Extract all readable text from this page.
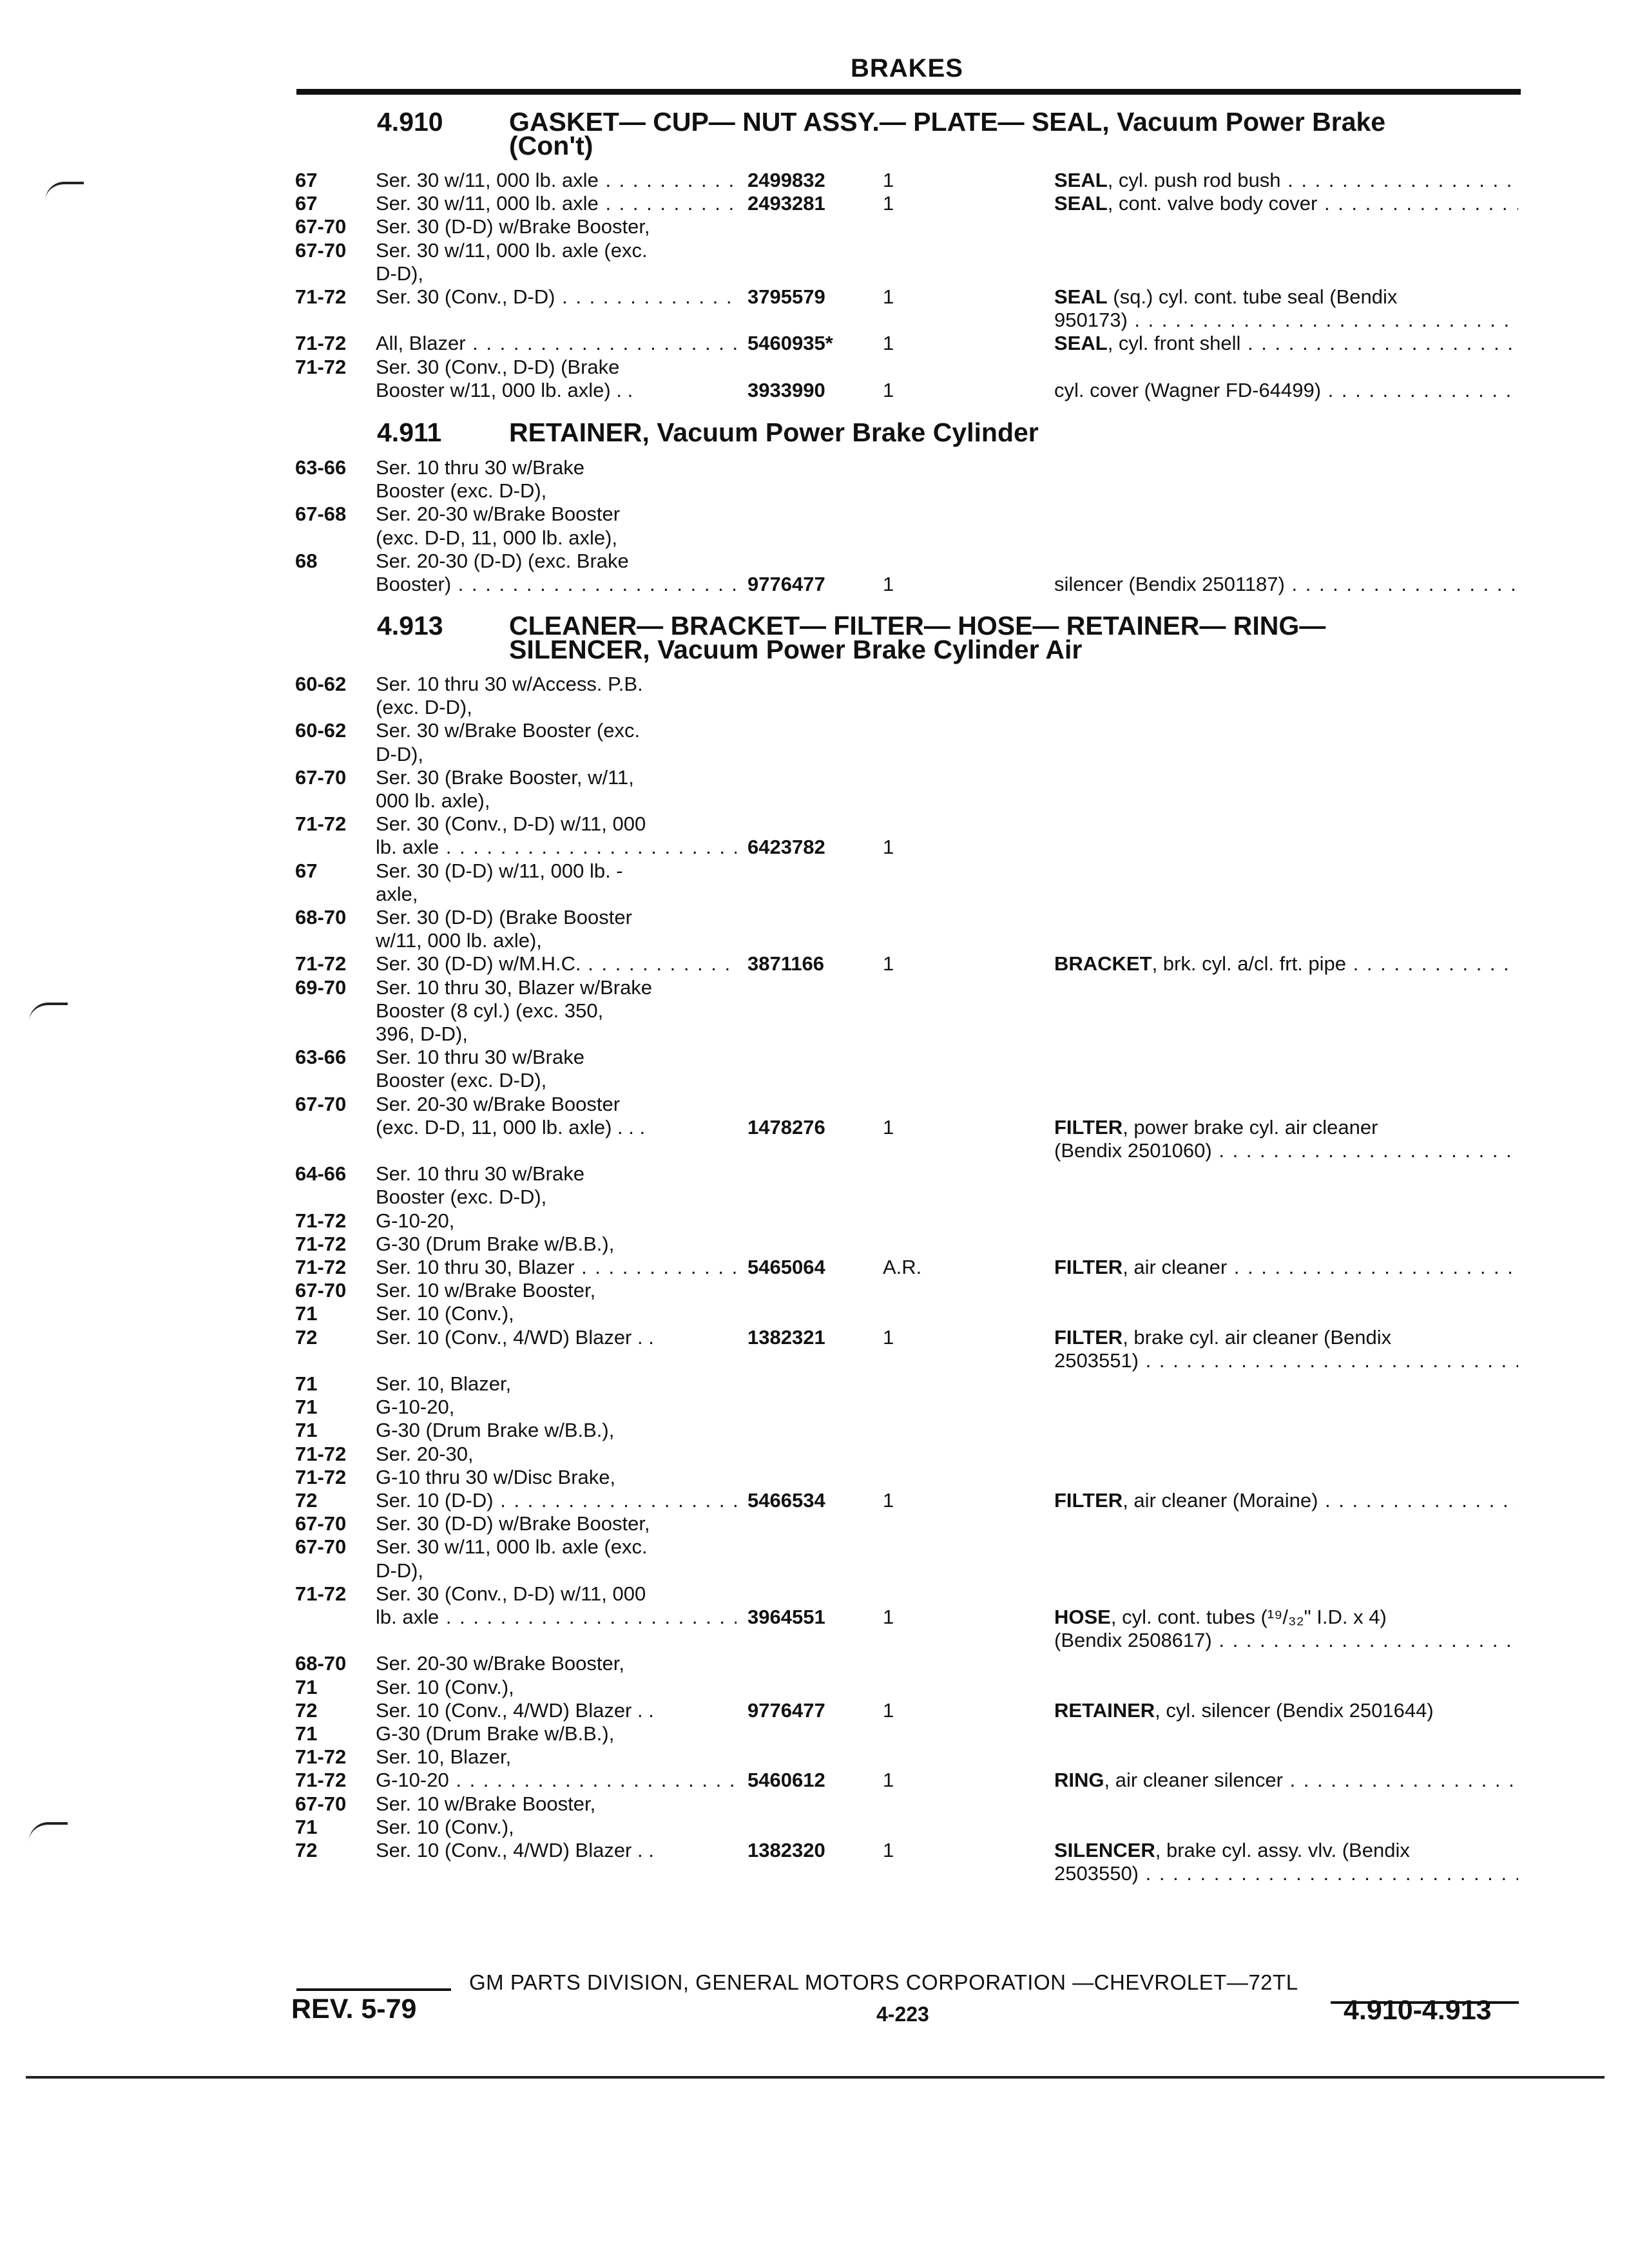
BRAKES
4.910	GASKET— CUP— NUT ASSY.— PLATE— SEAL, Vacuum Power Brake
(Con't)
67	Ser. 30 w/11, 000 lb. axle . . .	2499832	1	SEAL, cyl. push rod bush . . .
67	Ser. 30 w/11, 000 lb. axle . . .	2493281	1	SEAL, cont. valve body cover . . .
67-70 Ser. 30 (D-D) w/Brake Booster,
67-70 Ser. 30 w/11, 000 lb. axle (exc.
D-D),
71-72 Ser. 30 (Conv., D-D) . . .	3795579	1	SEAL (sq.) cyl. cont. tube seal (Bendix
950173) . . .
71-72 All, Blazer . . .	5460935* 1	SEAL, cyl. front shell . . .
71-72 Ser. 30 (Conv., D-D) (Brake
Booster w/11, 000 lb. axle) . .	3933990	1	cyl. cover (Wagner FD-64499) . . .
4.911	RETAINER, Vacuum Power Brake Cylinder
63-66 Ser. 10 thru 30 w/Brake
Booster (exc. D-D),
67-68 Ser. 20-30 w/Brake Booster
(exc. D-D, 11, 000 lb. axle),
68	Ser. 20-30 (D-D) (exc. Brake
Booster) . . .	9776477	1	silencer (Bendix 2501187) . . .
4.913	CLEANER— BRACKET— FILTER— HOSE— RETAINER— RING—
SILENCER, Vacuum Power Brake Cylinder Air
60-62 Ser. 10 thru 30 w/Access. P.B.
(exc. D-D),
60-62 Ser. 30 w/Brake Booster (exc.
D-D),
67-70 Ser. 30 (Brake Booster, w/11,
000 lb. axle),
71-72 Ser. 30 (Conv., D-D) w/11, 000
lb. axle . . .	6423782	1
67	Ser. 30 (D-D) w/11, 000 lb. -
axle,
68-70 Ser. 30 (D-D) (Brake Booster
w/11, 000 lb. axle),
71-72 Ser. 30 (D-D) w/M.H.C. . . .	3871166	1	BRACKET, brk. cyl. a/cl. frt. pipe . . .
69-70 Ser. 10 thru 30, Blazer w/Brake
Booster (8 cyl.) (exc. 350,
396, D-D),
63-66 Ser. 10 thru 30 w/Brake
Booster (exc. D-D),
67-70 Ser. 20-30 w/Brake Booster
(exc. D-D, 11, 000 lb. axle) . . .	1478276	1	FILTER, power brake cyl. air cleaner
(Bendix 2501060) . . .
64-66 Ser. 10 thru 30 w/Brake
Booster (exc. D-D),
71-72 G-10-20,
71-72 G-30 (Drum Brake w/B.B.),
71-72 Ser. 10 thru 30, Blazer . . .	5465064	A.R.	FILTER, air cleaner . . .
67-70 Ser. 10 w/Brake Booster,
71	Ser. 10 (Conv.),
72	Ser. 10 (Conv., 4/WD) Blazer . .	1382321	1	FILTER, brake cyl. air cleaner (Bendix
2503551) . . .
71	Ser. 10, Blazer,
71	G-10-20,
71	G-30 (Drum Brake w/B.B.),
71-72 Ser. 20-30,
71-72 G-10 thru 30 w/Disc Brake,
72	Ser. 10 (D-D) . . .	5466534	1	FILTER, air cleaner (Moraine) . . .
67-70 Ser. 30 (D-D) w/Brake Booster,
67-70 Ser. 30 w/11, 000 lb. axle (exc.
D-D),
71-72 Ser. 30 (Conv., D-D) w/11, 000
lb. axle . . .	3964551	1	HOSE, cyl. cont. tubes (¹⁹/₃₂" I.D. x 4)
(Bendix 2508617) . . .
68-70 Ser. 20-30 w/Brake Booster,
71	Ser. 10 (Conv.),
72	Ser. 10 (Conv., 4/WD) Blazer . .	9776477	1	RETAINER, cyl. silencer (Bendix 2501644)
71	G-30 (Drum Brake w/B.B.),
71-72 Ser. 10, Blazer,
71-72 G-10-20 . . .	5460612	1	RING, air cleaner silencer . . .
67-70 Ser. 10 w/Brake Booster,
71	Ser. 10 (Conv.),
72	Ser. 10 (Conv., 4/WD) Blazer . .	1382320	1	SILENCER, brake cyl. assy. vlv. (Bendix
2503550) . . .
GM PARTS DIVISION, GENERAL MOTORS CORPORATION —CHEVROLET—72TL
REV. 5-79	4-223	4.910-4.913
